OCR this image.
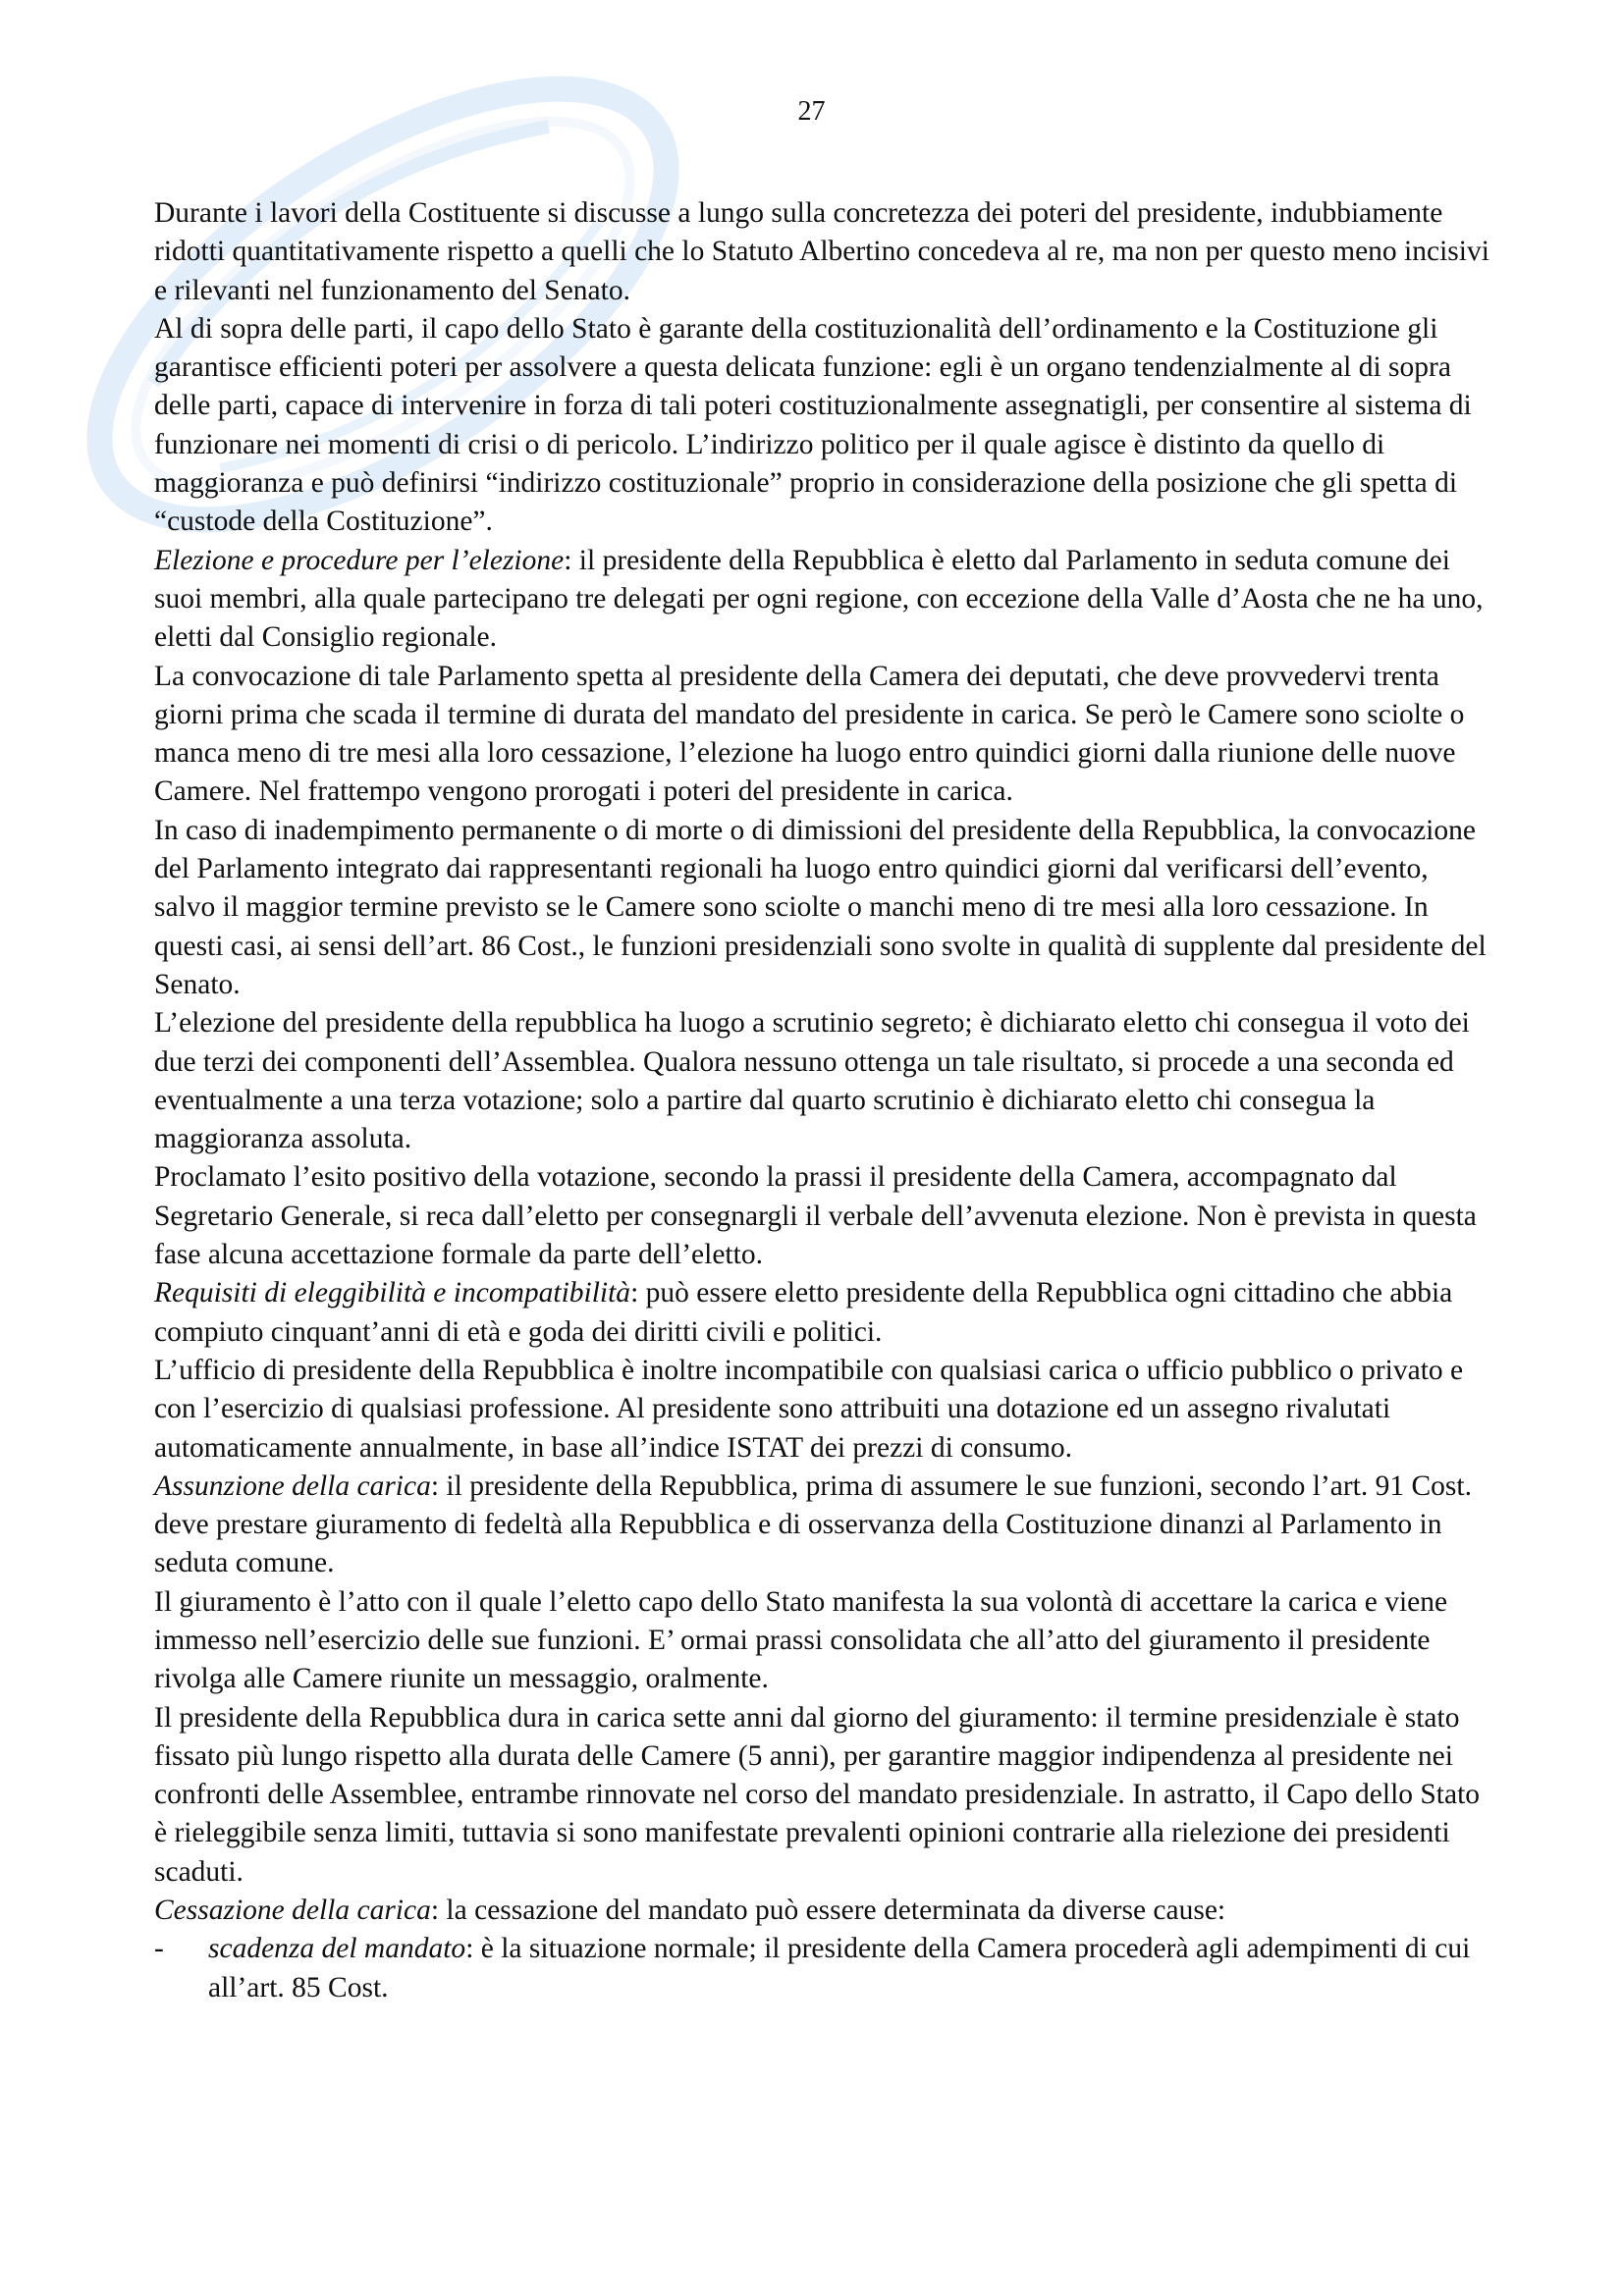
27

Durante i lavori della Costituente si discusse a lungo sulla concretezza dei poteri del presidente, indubbiamente ridotti quantitativamente rispetto a quelli che lo Statuto Albertino concedeva al re, ma non per questo meno incisivi e rilevanti nel funzionamento del Senato.

Al di sopra delle parti, il capo dello Stato è garante della costituzionalità dell’ordinamento e la Costituzione gli garantisce efficienti poteri per assolvere a questa delicata funzione: egli è un organo tendenzialmente al di sopra delle parti, capace di intervenire in forza di tali poteri costituzionalmente assegnatigli, per consentire al sistema di funzionare nei momenti di crisi o di pericolo. L’indirizzo politico per il quale agisce è distinto da quello di maggioranza e può definirsi “indirizzo costituzionale” proprio in considerazione della posizione che gli spetta di “custode della Costituzione”.

Elezione e procedure per l’elezione: il presidente della Repubblica è eletto dal Parlamento in seduta comune dei suoi membri, alla quale partecipano tre delegati per ogni regione, con eccezione della Valle d’Aosta che ne ha uno, eletti dal Consiglio regionale.

La convocazione di tale Parlamento spetta al presidente della Camera dei deputati, che deve provvedervi trenta giorni prima che scada il termine di durata del mandato del presidente in carica. Se però le Camere sono sciolte o manca meno di tre mesi alla loro cessazione, l’elezione ha luogo entro quindici giorni dalla riunione delle nuove Camere. Nel frattempo vengono prorogati i poteri del presidente in carica.

In caso di inadempimento permanente o di morte o di dimissioni del presidente della Repubblica, la convocazione del Parlamento integrato dai rappresentanti regionali ha luogo entro quindici giorni dal verificarsi dell’evento, salvo il maggior termine previsto se le Camere sono sciolte o manchi meno di tre mesi alla loro cessazione. In questi casi, ai sensi dell’art. 86 Cost., le funzioni presidenziali sono svolte in qualità di supplente dal presidente del Senato.

L’elezione del presidente della repubblica ha luogo a scrutinio segreto; è dichiarato eletto chi consegua il voto dei due terzi dei componenti dell’Assemblea. Qualora nessuno ottenga un tale risultato, si procede a una seconda ed eventualmente a una terza votazione; solo a partire dal quarto scrutinio è dichiarato eletto chi consegua la maggioranza assoluta.

Proclamato l’esito positivo della votazione, secondo la prassi il presidente della Camera, accompagnato dal Segretario Generale, si reca dall’eletto per consegnargli il verbale dell’avvenuta elezione. Non è prevista in questa fase alcuna accettazione formale da parte dell’eletto.

Requisiti di eleggibilità e incompatibilità: può essere eletto presidente della Repubblica ogni cittadino che abbia compiuto cinquant’anni di età e goda dei diritti civili e politici.

L’ufficio di presidente della Repubblica è inoltre incompatibile con qualsiasi carica o ufficio pubblico o privato e con l’esercizio di qualsiasi professione. Al presidente sono attribuiti una dotazione ed un assegno rivalutati automaticamente annualmente, in base all’indice ISTAT dei prezzi di consumo.

Assunzione della carica: il presidente della Repubblica, prima di assumere le sue funzioni, secondo l’art. 91 Cost. deve prestare giuramento di fedeltà alla Repubblica e di osservanza della Costituzione dinanzi al Parlamento in seduta comune.

Il giuramento è l’atto con il quale l’eletto capo dello Stato manifesta la sua volontà di accettare la carica e viene immesso nell’esercizio delle sue funzioni. E’ ormai prassi consolidata che all’atto del giuramento il presidente rivolga alle Camere riunite un messaggio, oralmente.

Il presidente della Repubblica dura in carica sette anni dal giorno del giuramento: il termine presidenziale è stato fissato più lungo rispetto alla durata delle Camere (5 anni), per garantire maggior indipendenza al presidente nei confronti delle Assemblee, entrambe rinnovate nel corso del mandato presidenziale. In astratto, il Capo dello Stato è rieleggibile senza limiti, tuttavia si sono manifestate prevalenti opinioni contrarie alla rielezione dei presidenti scaduti.

Cessazione della carica: la cessazione del mandato può essere determinata da diverse cause:

-	scadenza del mandato: è la situazione normale; il presidente della Camera procederà agli adempimenti di cui all’art. 85 Cost.
